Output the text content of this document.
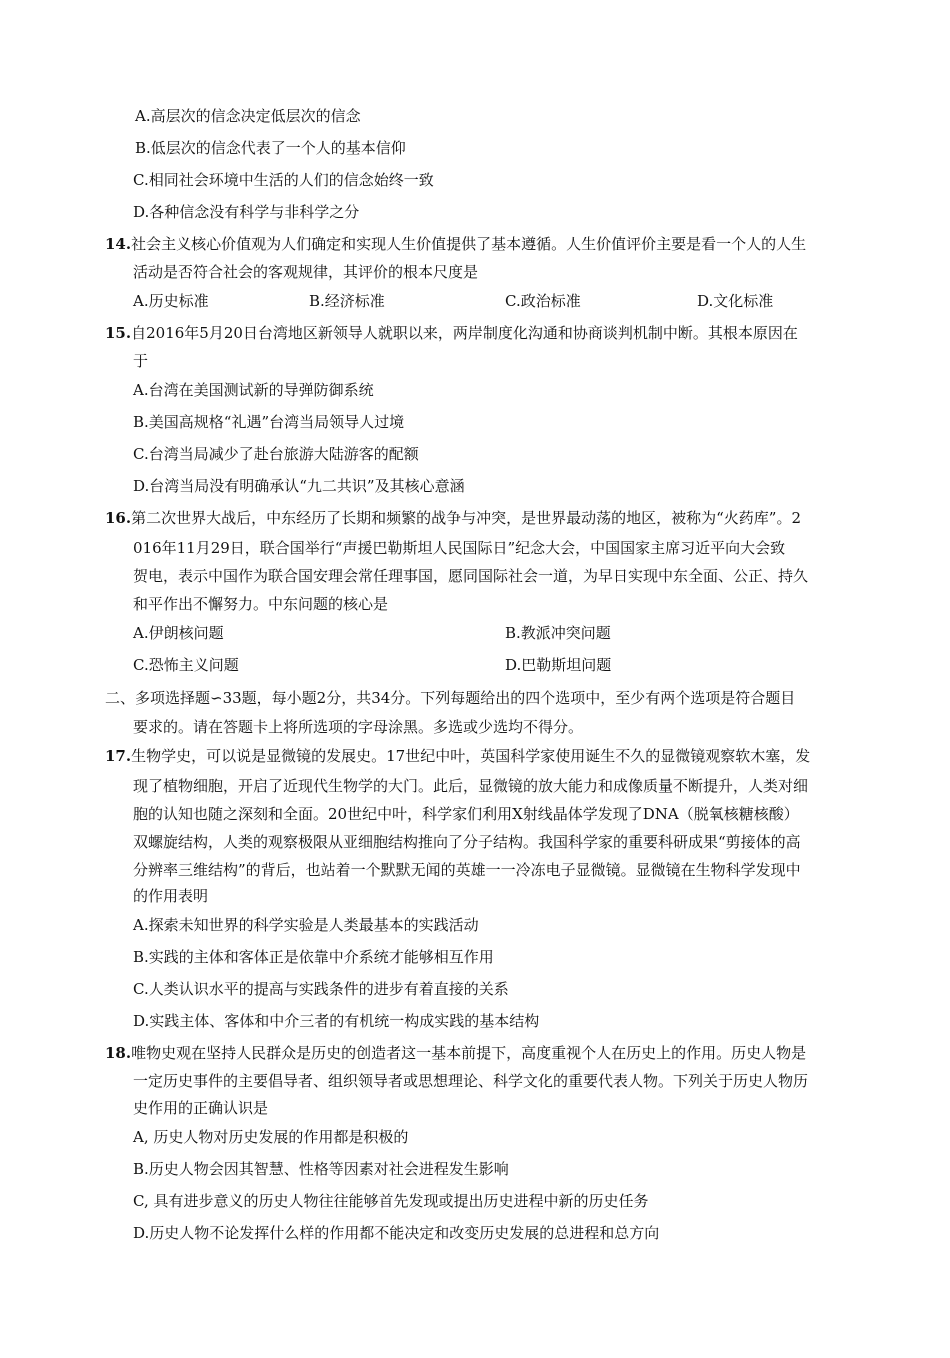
A.高层次的信念决定低层次的信念
B.低层次的信念代表了一个人的基本信仰
C.相同社会环境中生活的人们的信念始终一致
D.各种信念没有科学与非科学之分
14.社会主义核心价值观为人们确定和实现人生价值提供了基本遵循。人生价值评价主要是看一个人的人生
活动是否符合社会的客观规律，其评价的根本尺度是
A.历史标准	B.经济标准	C.政治标准	D.文化标准
15.自2016年5月20日台湾地区新领导人就职以来，两岸制度化沟通和协商谈判机制中断。其根本原因在
于
A.台湾在美国测试新的导弹防御系统
B.美国高规格“礼遇”台湾当局领导人过境
C.台湾当局减少了赴台旅游大陆游客的配额
D.台湾当局没有明确承认“九二共识”及其核心意涵
16.第二次世界大战后，中东经历了长期和频繁的战争与冲突，是世界最动荡的地区，被称为“火药库”。2
016年11月29日，联合国举行“声援巴勒斯坦人民国际日”纪念大会，中国国家主席习近平向大会致
贺电，表示中国作为联合国安理会常任理事国，愿同国际社会一道，为早日实现中东全面、公正、持久
和平作出不懈努力。中东问题的核心是
A.伊朗核问题	B.教派冲突问题
C.恐怖主义问题	D.巴勒斯坦问题
二、多项选择题∽33题，每小题2分，共34分。下列每题给出的四个选项中，至少有两个选项是符合题目
要求的。请在答题卡上将所选项的字母涂黑。多选或少选均不得分。
17.生物学史，可以说是显微镜的发展史。17世纪中叶，英国科学家使用诞生不久的显微镜观察软木塞，发
现了植物细胞，开启了近现代生物学的大门。此后，显微镜的放大能力和成像质量不断提升，人类对细
胞的认知也随之深刻和全面。20世纪中叶，科学家们利用X射线晶体学发现了DNA（脱氧核糖核酸）
双螺旋结构，人类的观察极限从亚细胞结构推向了分子结构。我国科学家的重要科研成果“剪接体的高
分辨率三维结构”的背后，也站着一个默默无闻的英雄一一冷冻电子显微镜。显微镜在生物科学发现中
的作用表明
A.探索未知世界的科学实验是人类最基本的实践活动
B.实践的主体和客体正是依靠中介系统才能够相互作用
C.人类认识水平的提高与实践条件的进步有着直接的关系
D.实践主体、客体和中介三者的有机统一构成实践的基本结构
18.唯物史观在坚持人民群众是历史的创造者这一基本前提下，高度重视个人在历史上的作用。历史人物是
一定历史事件的主要倡导者、组织领导者或思想理论、科学文化的重要代表人物。下列关于历史人物历
史作用的正确认识是
A, 历史人物对历史发展的作用都是积极的
B.历史人物会因其智慧、性格等因素对社会进程发生影响
C, 具有进步意义的历史人物往往能够首先发现或提出历史进程中新的历史任务
D.历史人物不论发挥什么样的作用都不能决定和改变历史发展的总进程和总方向
